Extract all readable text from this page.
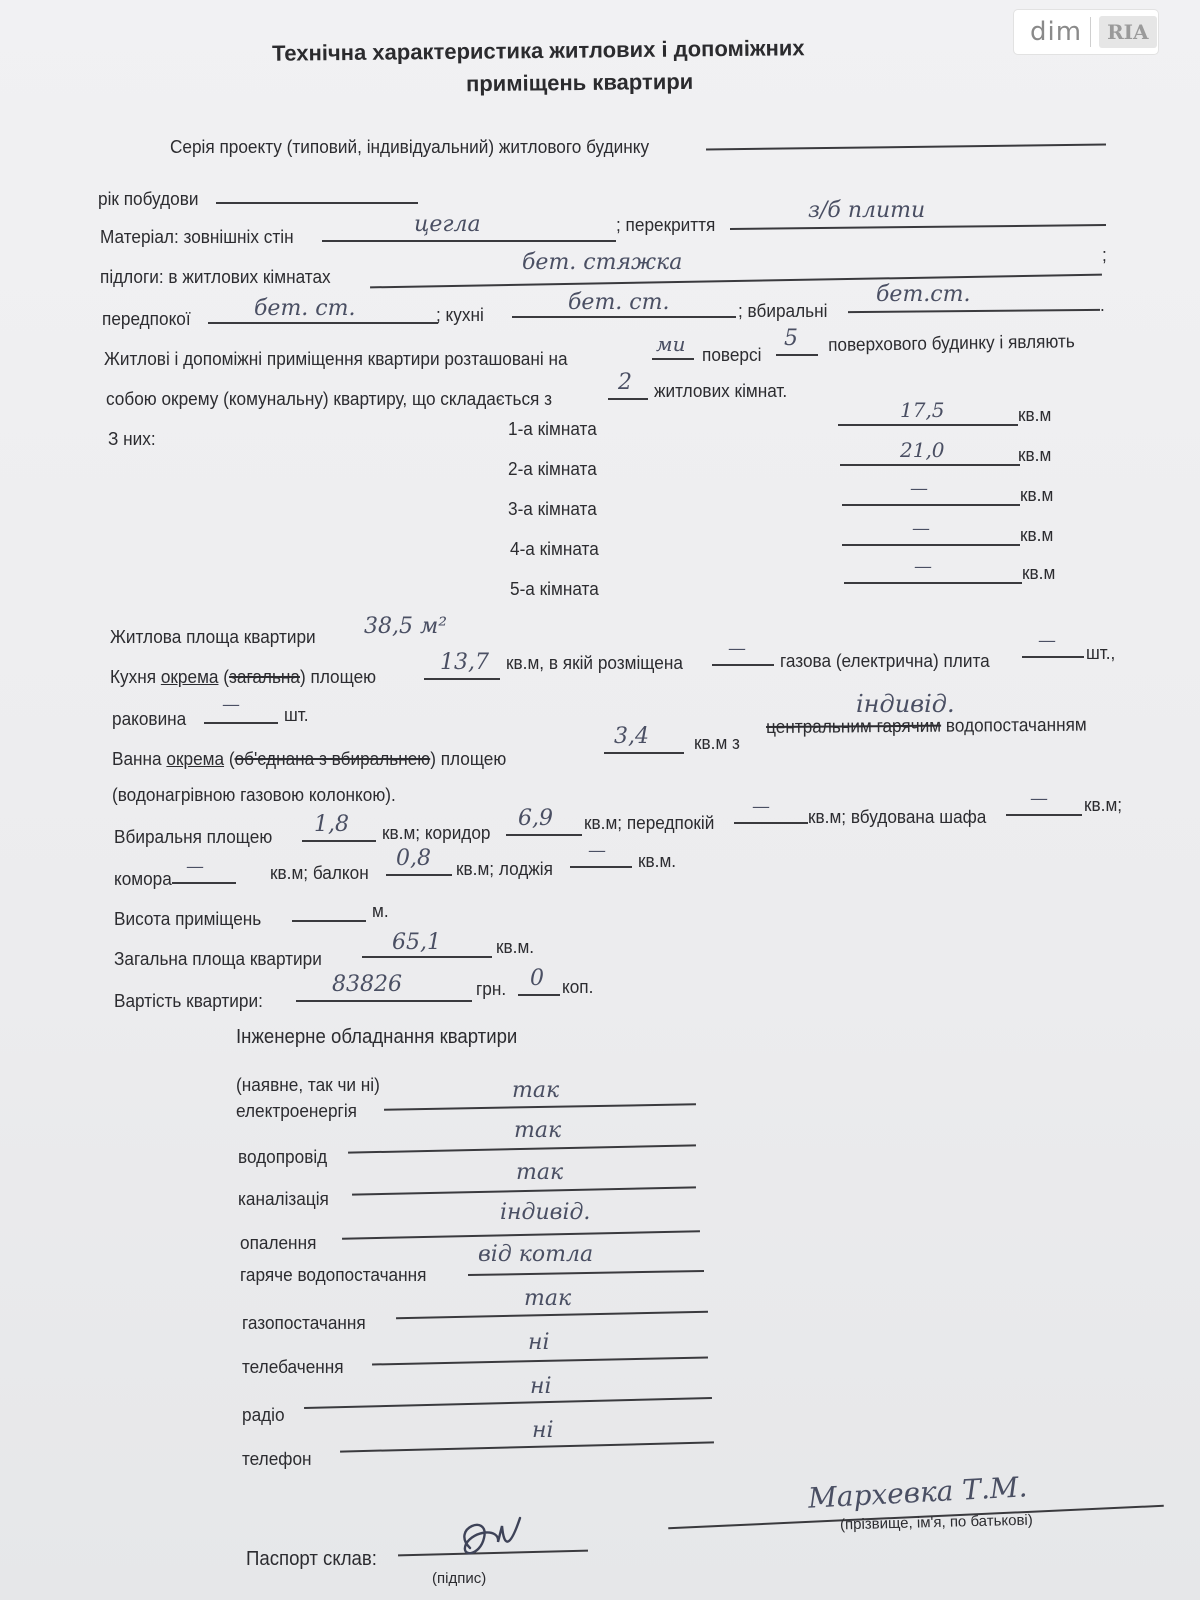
dim	RIA
Технічна характеристика житлових і допоміжних
приміщень квартири
Серія проекту (типовий, індивідуальний) житлового будинку
рік побудови
Матеріал: зовнішніх стін	цегла	; перекриття
з/б плити
підлоги: в житлових кімнатах
бет. стяжка	;
передпокої	бет. ст.	; кухні	бет. ст.	; вбиральні
бет.ст.	.
Житлові і допоміжні приміщення квартири розташовані на
ми поверсі
5 поверхового будинку і являють
собою окрему (комунальну) квартиру, що складається з
2 житлових кімнат.
З них:	1-а кімната
17,5	кв.м
2-а кімната
21,0	кв.м
3-а кімната
—	кв.м
4-а кімната
—	кв.м
5-а кімната
—	кв.м
Житлова площа квартири 38,5 м²
Кухня окрема (загальна) площею
13,7 кв.м, в якій розміщена
—
газова (електрична) плита
—
шт.,
раковина
— шт.
Ванна окрема (об'єднана з вбиральнею) площею
3,4 кв.м з
центральним гарячим водопостачанням
індивід.
(водонагрівною газовою колонкою).
Вбиральня площею 1,8 кв.м; коридор
6,9 кв.м; передпокій
— кв.м; вбудована шафа
— кв.м;
комора
—	кв.м; балкон
0,8 кв.м; лоджія
— кв.м.
Висота приміщень	м.
Загальна площа квартири
65,1	кв.м.
Вартість квартири:
83826	грн. 0 коп.
Інженерне обладнання квартири
(наявне, так чи ні)
електроенергія
так
водопровід
так
каналізація
так
опалення
індивід.
гаряче водопостачання
від котла
газопостачання
так
телебачення
ні
радіо
ні
телефон
ні
Паспорт склав:
(підпис)
Мархевка Т.М.
(прізвище, ім'я, по батькові)
